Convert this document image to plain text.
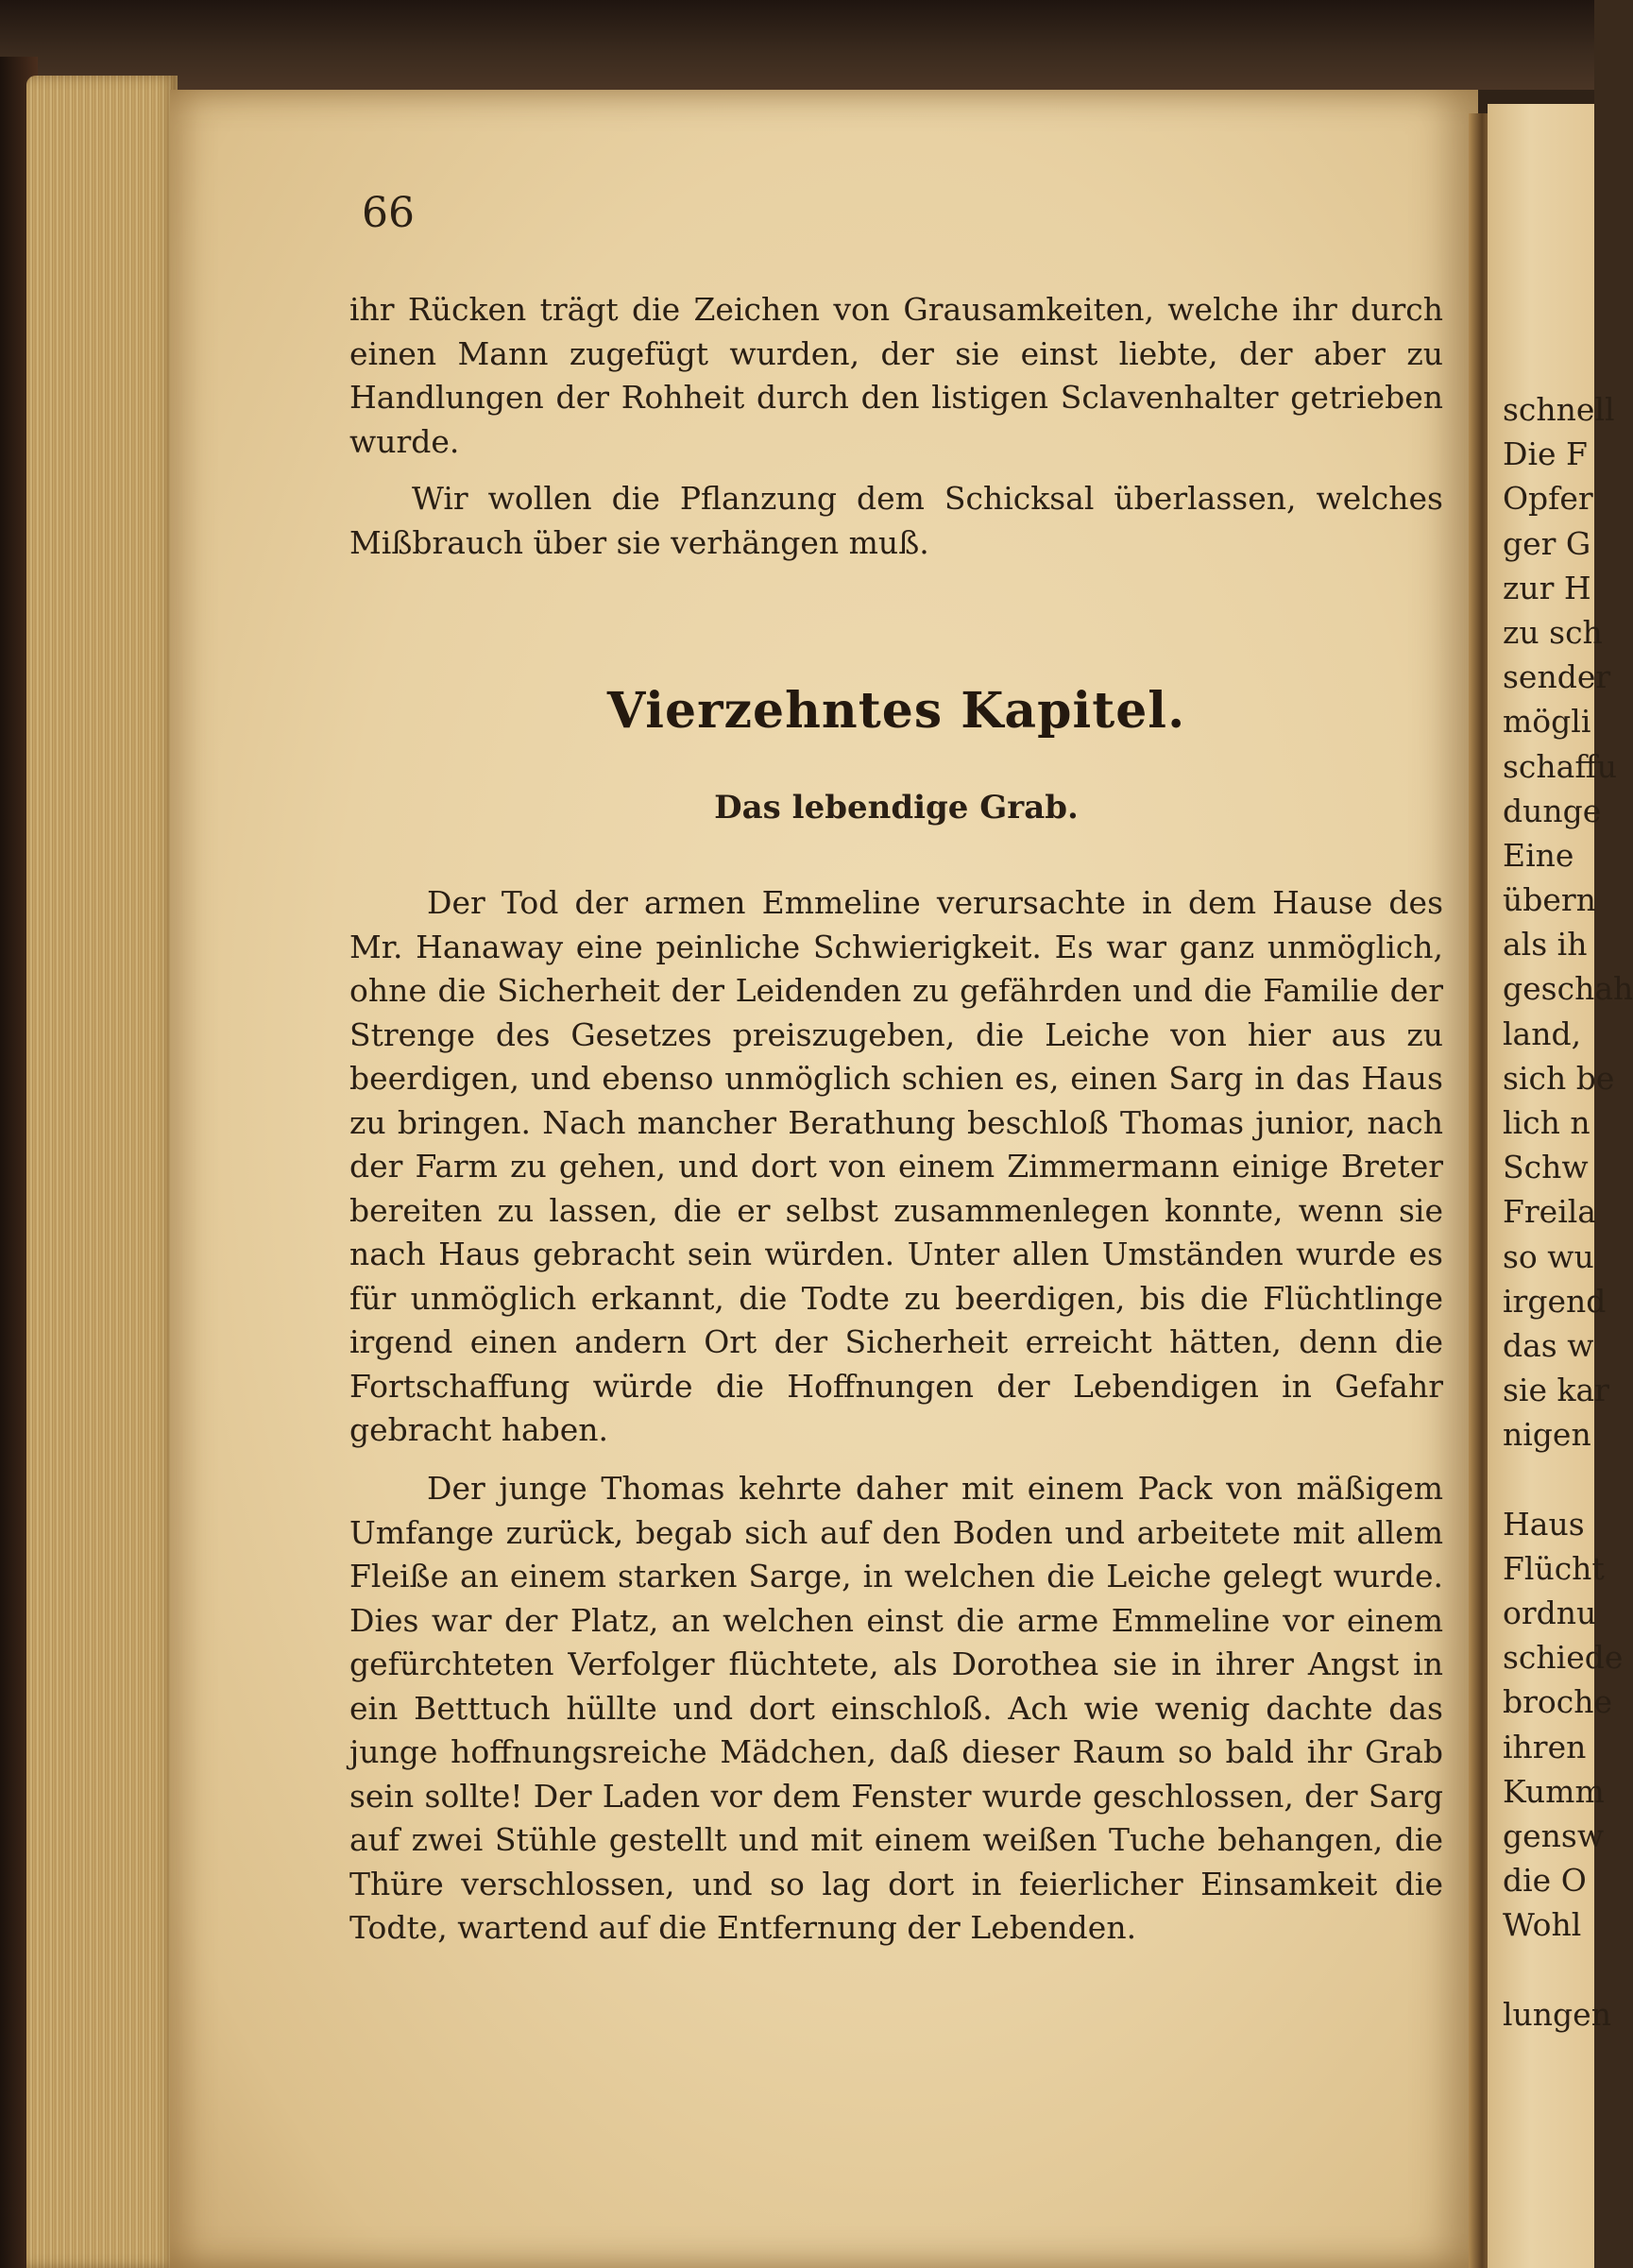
66

ihr Rücken trägt die Zeichen von Grausamkeiten, welche ihr durch einen Mann zugefügt wurden, der sie einst liebte, der aber zu Handlungen der Rohheit durch den listigen Sclavenhalter getrieben wurde.

Wir wollen die Pflanzung dem Schicksal überlassen, welches Mißbrauch über sie verhängen muß.

Vierzehntes Kapitel.
Das lebendige Grab.

Der Tod der armen Emmeline verursachte in dem Hause des Mr. Hanaway eine peinliche Schwierigkeit. Es war ganz unmöglich, ohne die Sicherheit der Leidenden zu gefährden und die Familie der Strenge des Gesetzes preiszugeben, die Leiche von hier aus zu beerdigen, und ebenso unmöglich schien es, einen Sarg in das Haus zu bringen. Nach mancher Berathung beschloß Thomas junior, nach der Farm zu gehen, und dort von einem Zimmermann einige Breter bereiten zu lassen, die er selbst zusammenlegen konnte, wenn sie nach Haus gebracht sein würden. Unter allen Umständen wurde es für unmöglich erkannt, die Todte zu beerdigen, bis die Flüchtlinge irgend einen andern Ort der Sicherheit erreicht hätten, denn die Fortschaffung würde die Hoffnungen der Lebendigen in Gefahr gebracht haben.

Der junge Thomas kehrte daher mit einem Pack von mäßigem Umfange zurück, begab sich auf den Boden und arbeitete mit allem Fleiße an einem starken Sarge, in welchen die Leiche gelegt wurde. Dies war der Platz, an welchen einst die arme Emmeline vor einem gefürchteten Verfolger flüchtete, als Dorothea sie in ihrer Angst in ein Betttuch hüllte und dort einschloß. Ach wie wenig dachte das junge hoffnungsreiche Mädchen, daß dieser Raum so bald ihr Grab sein sollte! Der Laden vor dem Fenster wurde geschlossen, der Sarg auf zwei Stühle gestellt und mit einem weißen Tuche behangen, die Thüre verschlossen, und so lag dort in feierlicher Einsamkeit die Todte, wartend auf die Entfernung der Lebenden.

schnell
Die F
Opfer
ger G
zur H
zu sch
sender
mögli
schaffu
dunge
Eine
übern
als ih
geschah
land,
sich be
lich n
Schw
Freila
so wu
irgend
das w
sie kar
nigen
Haus
Flücht
ordnu
schiede
broche
ihren
Kumm
gensw
die O
Wohl
lungen
